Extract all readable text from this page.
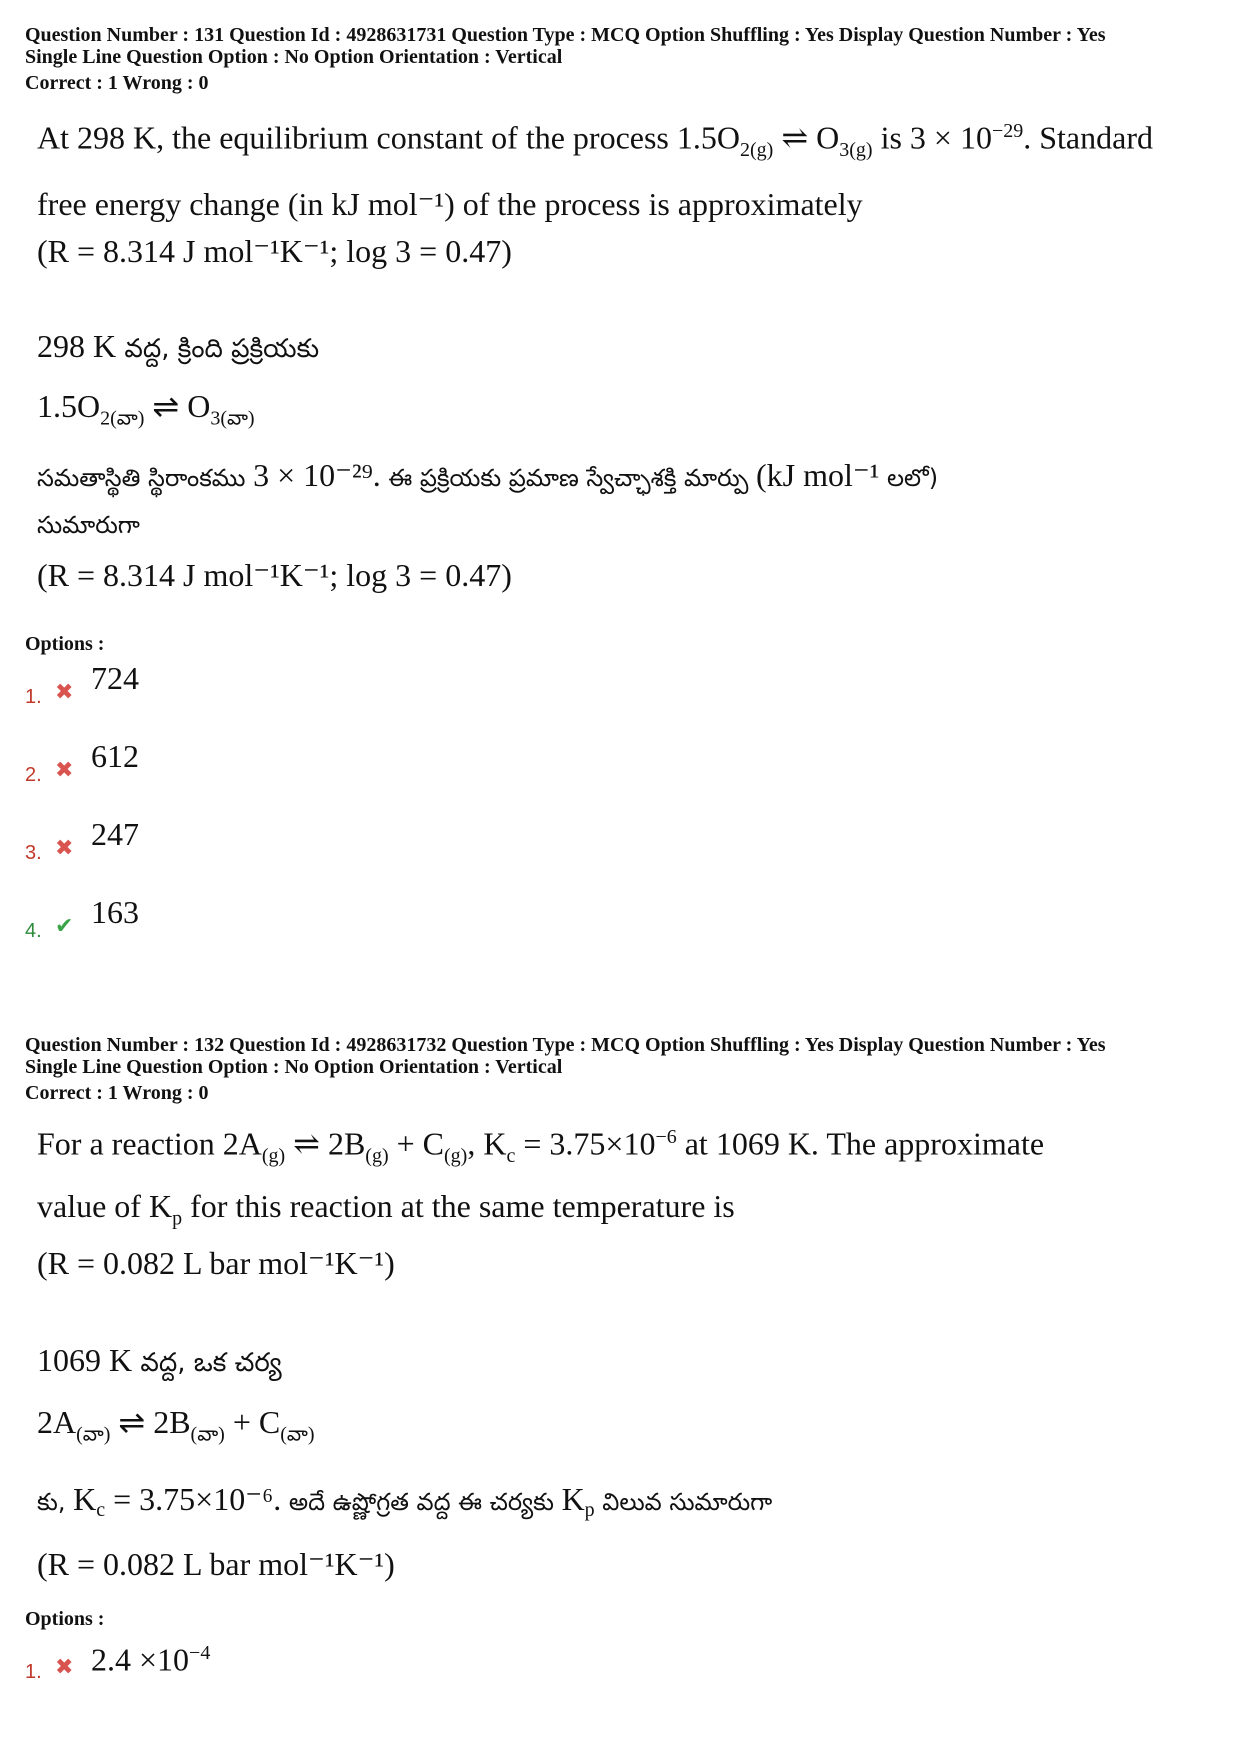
Question Number : 131 Question Id : 4928631731 Question Type : MCQ Option Shuffling : Yes Display Question Number : Yes
Single Line Question Option : No Option Orientation : Vertical
Correct : 1 Wrong : 0
At 298 K, the equilibrium constant of the process $1.5O_{2(g)}$ ⇌ $O_{3(g)}$ is $3 \times 10^{-29}$. Standard
free energy change (in kJ mol⁻¹) of the process is approximately
(R = 8.314 J mol⁻¹K⁻¹; log 3 = 0.47)
298 K వద్ద, క్రింది ప్రక్రియకు
$1.5O_{2(వా)}$ ⇌ $O_{3(వా)}$
సమతాస్థితి స్థిరాంకము 3 × 10⁻²⁹. ఈ ప్రక్రియకు ప్రమాణ స్వేచ్ఛాశక్తి మార్పు (kJ mol⁻¹ లలో)
సుమారుగా
(R = 8.314 J mol⁻¹K⁻¹; log 3 = 0.47)
Options :
1. ✖ 724
2. ✖ 612
3. ✖ 247
4. ✔ 163
Question Number : 132 Question Id : 4928631732 Question Type : MCQ Option Shuffling : Yes Display Question Number : Yes
Single Line Question Option : No Option Orientation : Vertical
Correct : 1 Wrong : 0
For a reaction $2A_{(g)}$ ⇌ $2B_{(g)} + C_{(g)}$, $K_c = 3.75\times 10^{-6}$ at 1069 K. The approximate
value of $K_p$ for this reaction at the same temperature is
(R = 0.082 L bar mol⁻¹K⁻¹)
1069 K వద్ద, ఒక చర్య
$2A_{(వా)}$ ⇌ $2B_{(వా)} + C_{(వా)}$
కు, $K_c = 3.75\times 10^{-6}$. అదే ఉష్ణోగ్రత వద్ద ఈ చర్యకు $K_p$ విలువ సుమారుగా
(R = 0.082 L bar mol⁻¹K⁻¹)
Options :
1. ✖ $2.4 \times 10^{-4}$
